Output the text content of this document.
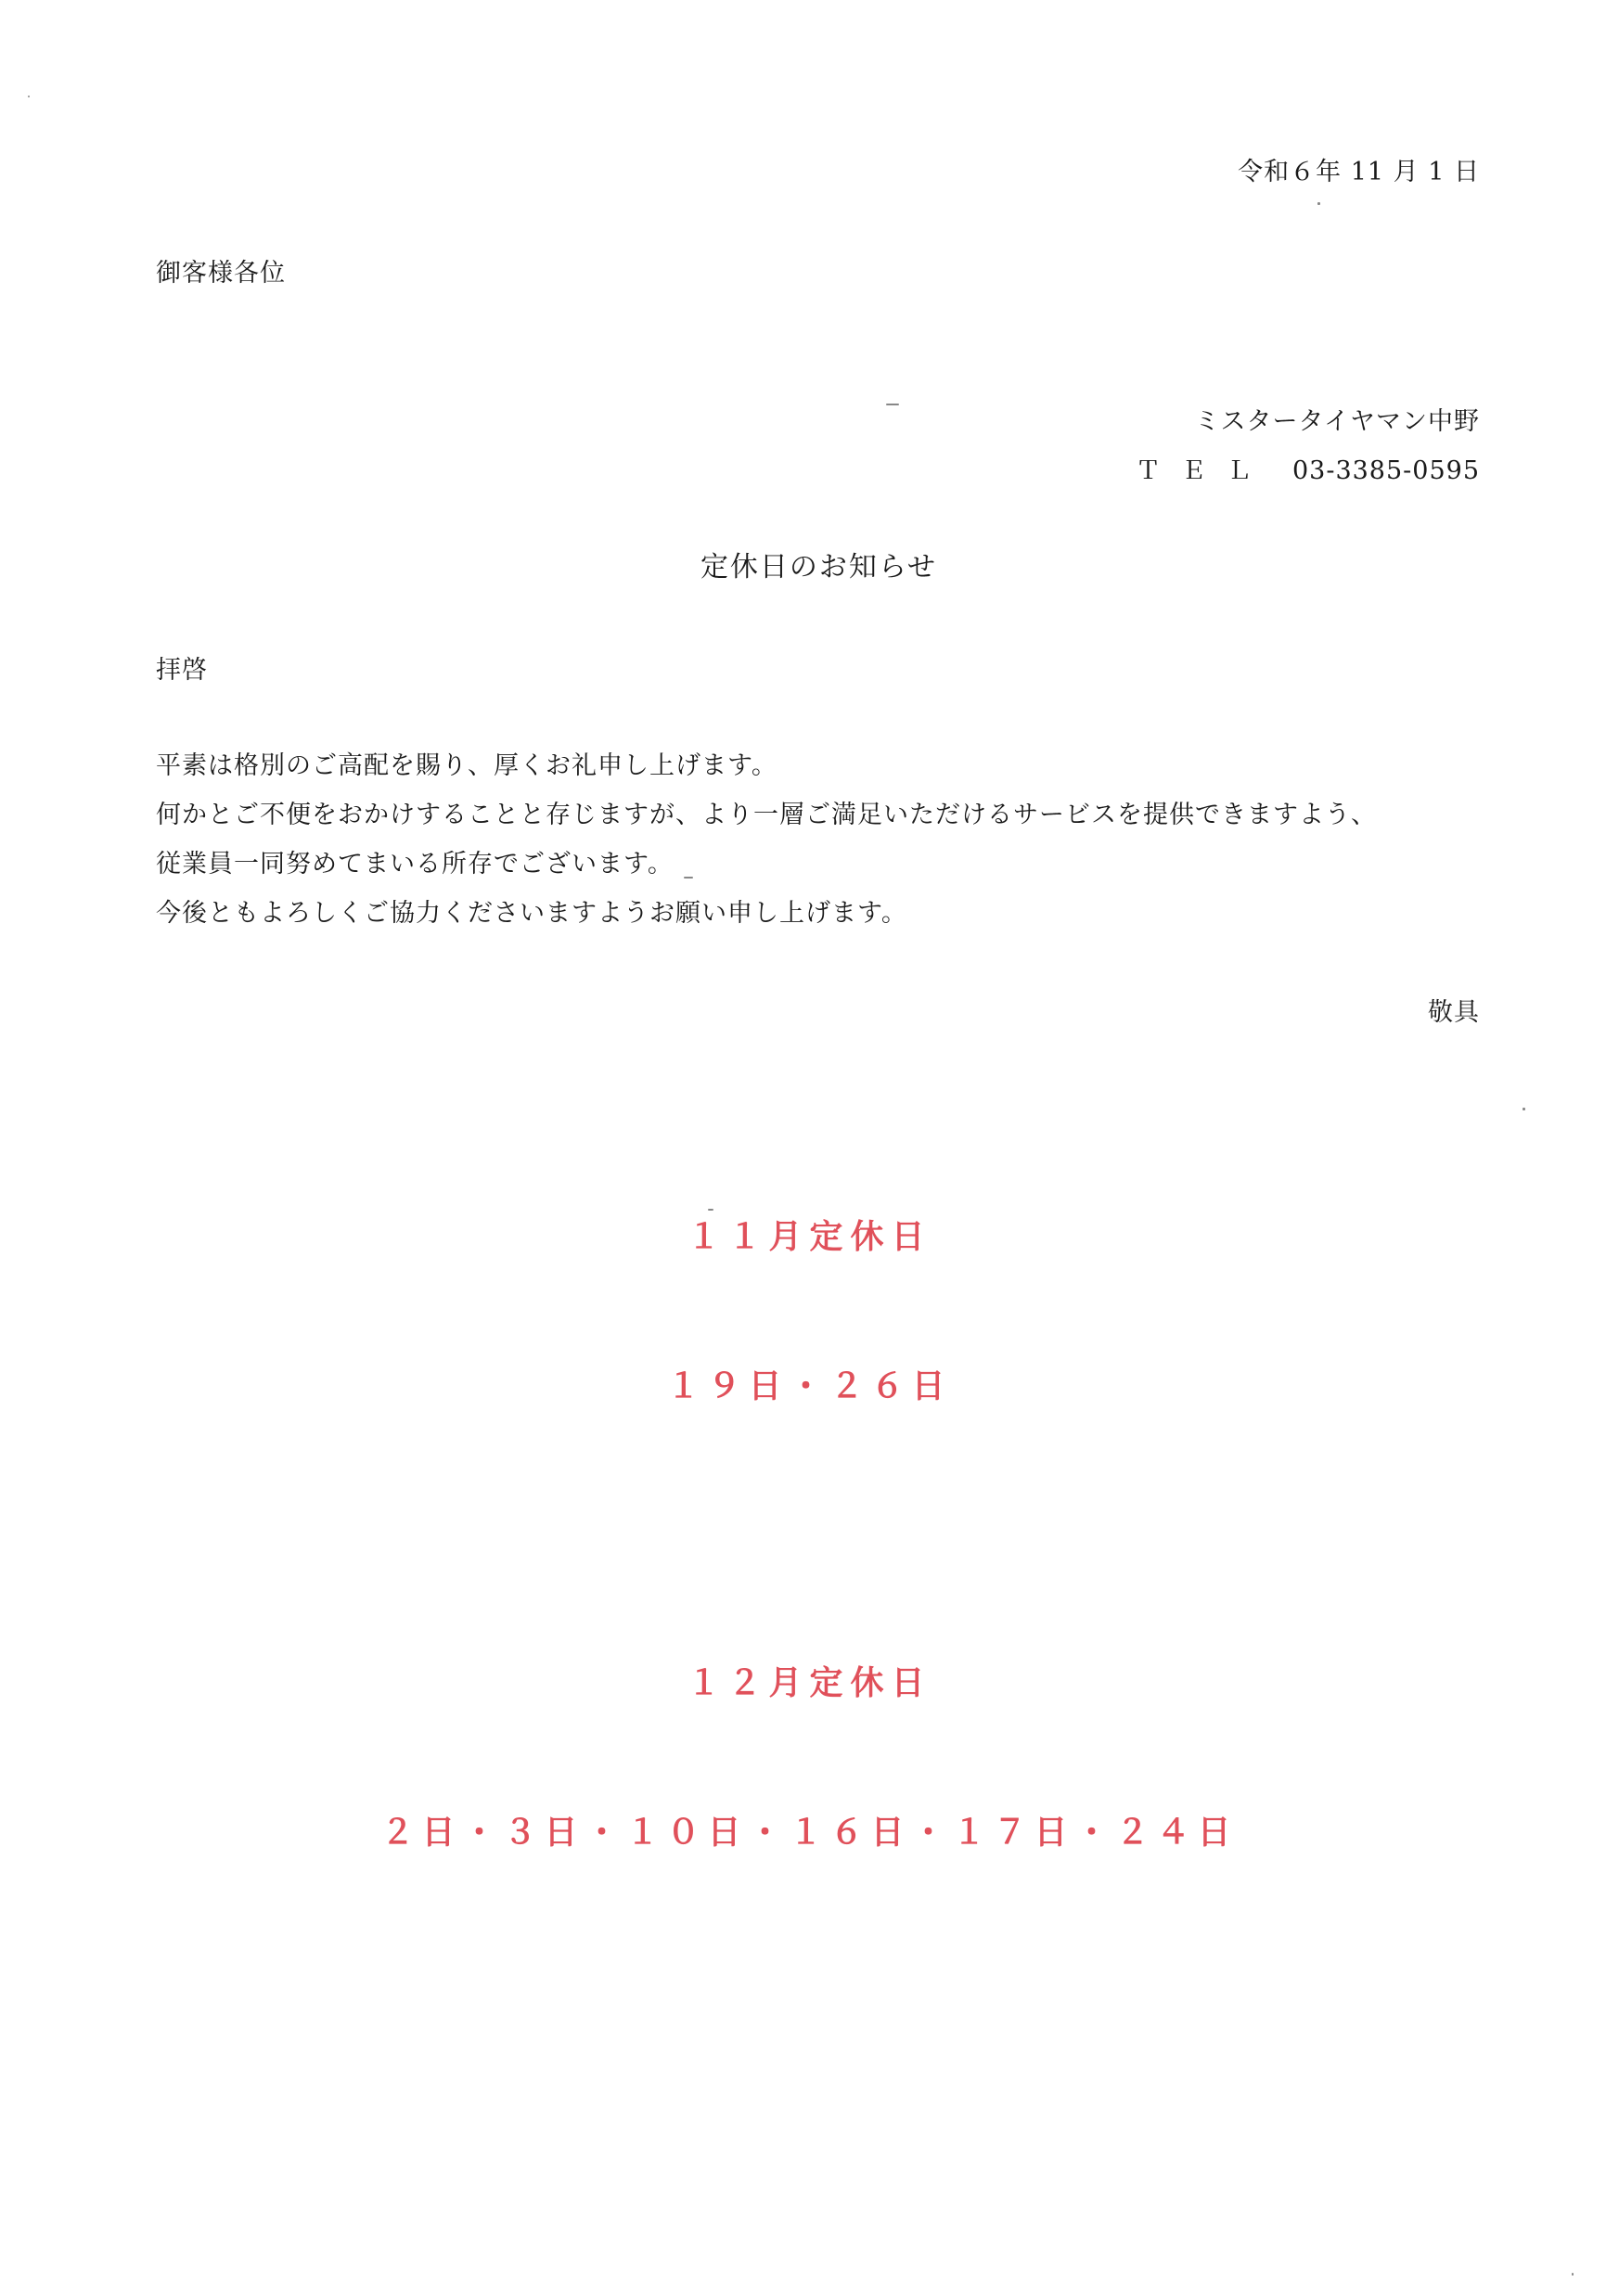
令和６年 11 月 1 日
御客様各位
ミスタータイヤマン中野
ＴＥＬ 03-3385-0595
定休日のお知らせ
拝啓
平素は格別のご高配を賜り、厚くお礼申し上げます。
何かとご不便をおかけすることと存じますが、より一層ご満足いただけるサービスを提供できますよう、
従業員一同努めてまいる所存でございます。
今後ともよろしくご協力くださいますようお願い申し上げます。
敬具
１１月定休日
１９日・２６日
１２月定休日
２日・３日・１０日・１６日・１７日・２４日
